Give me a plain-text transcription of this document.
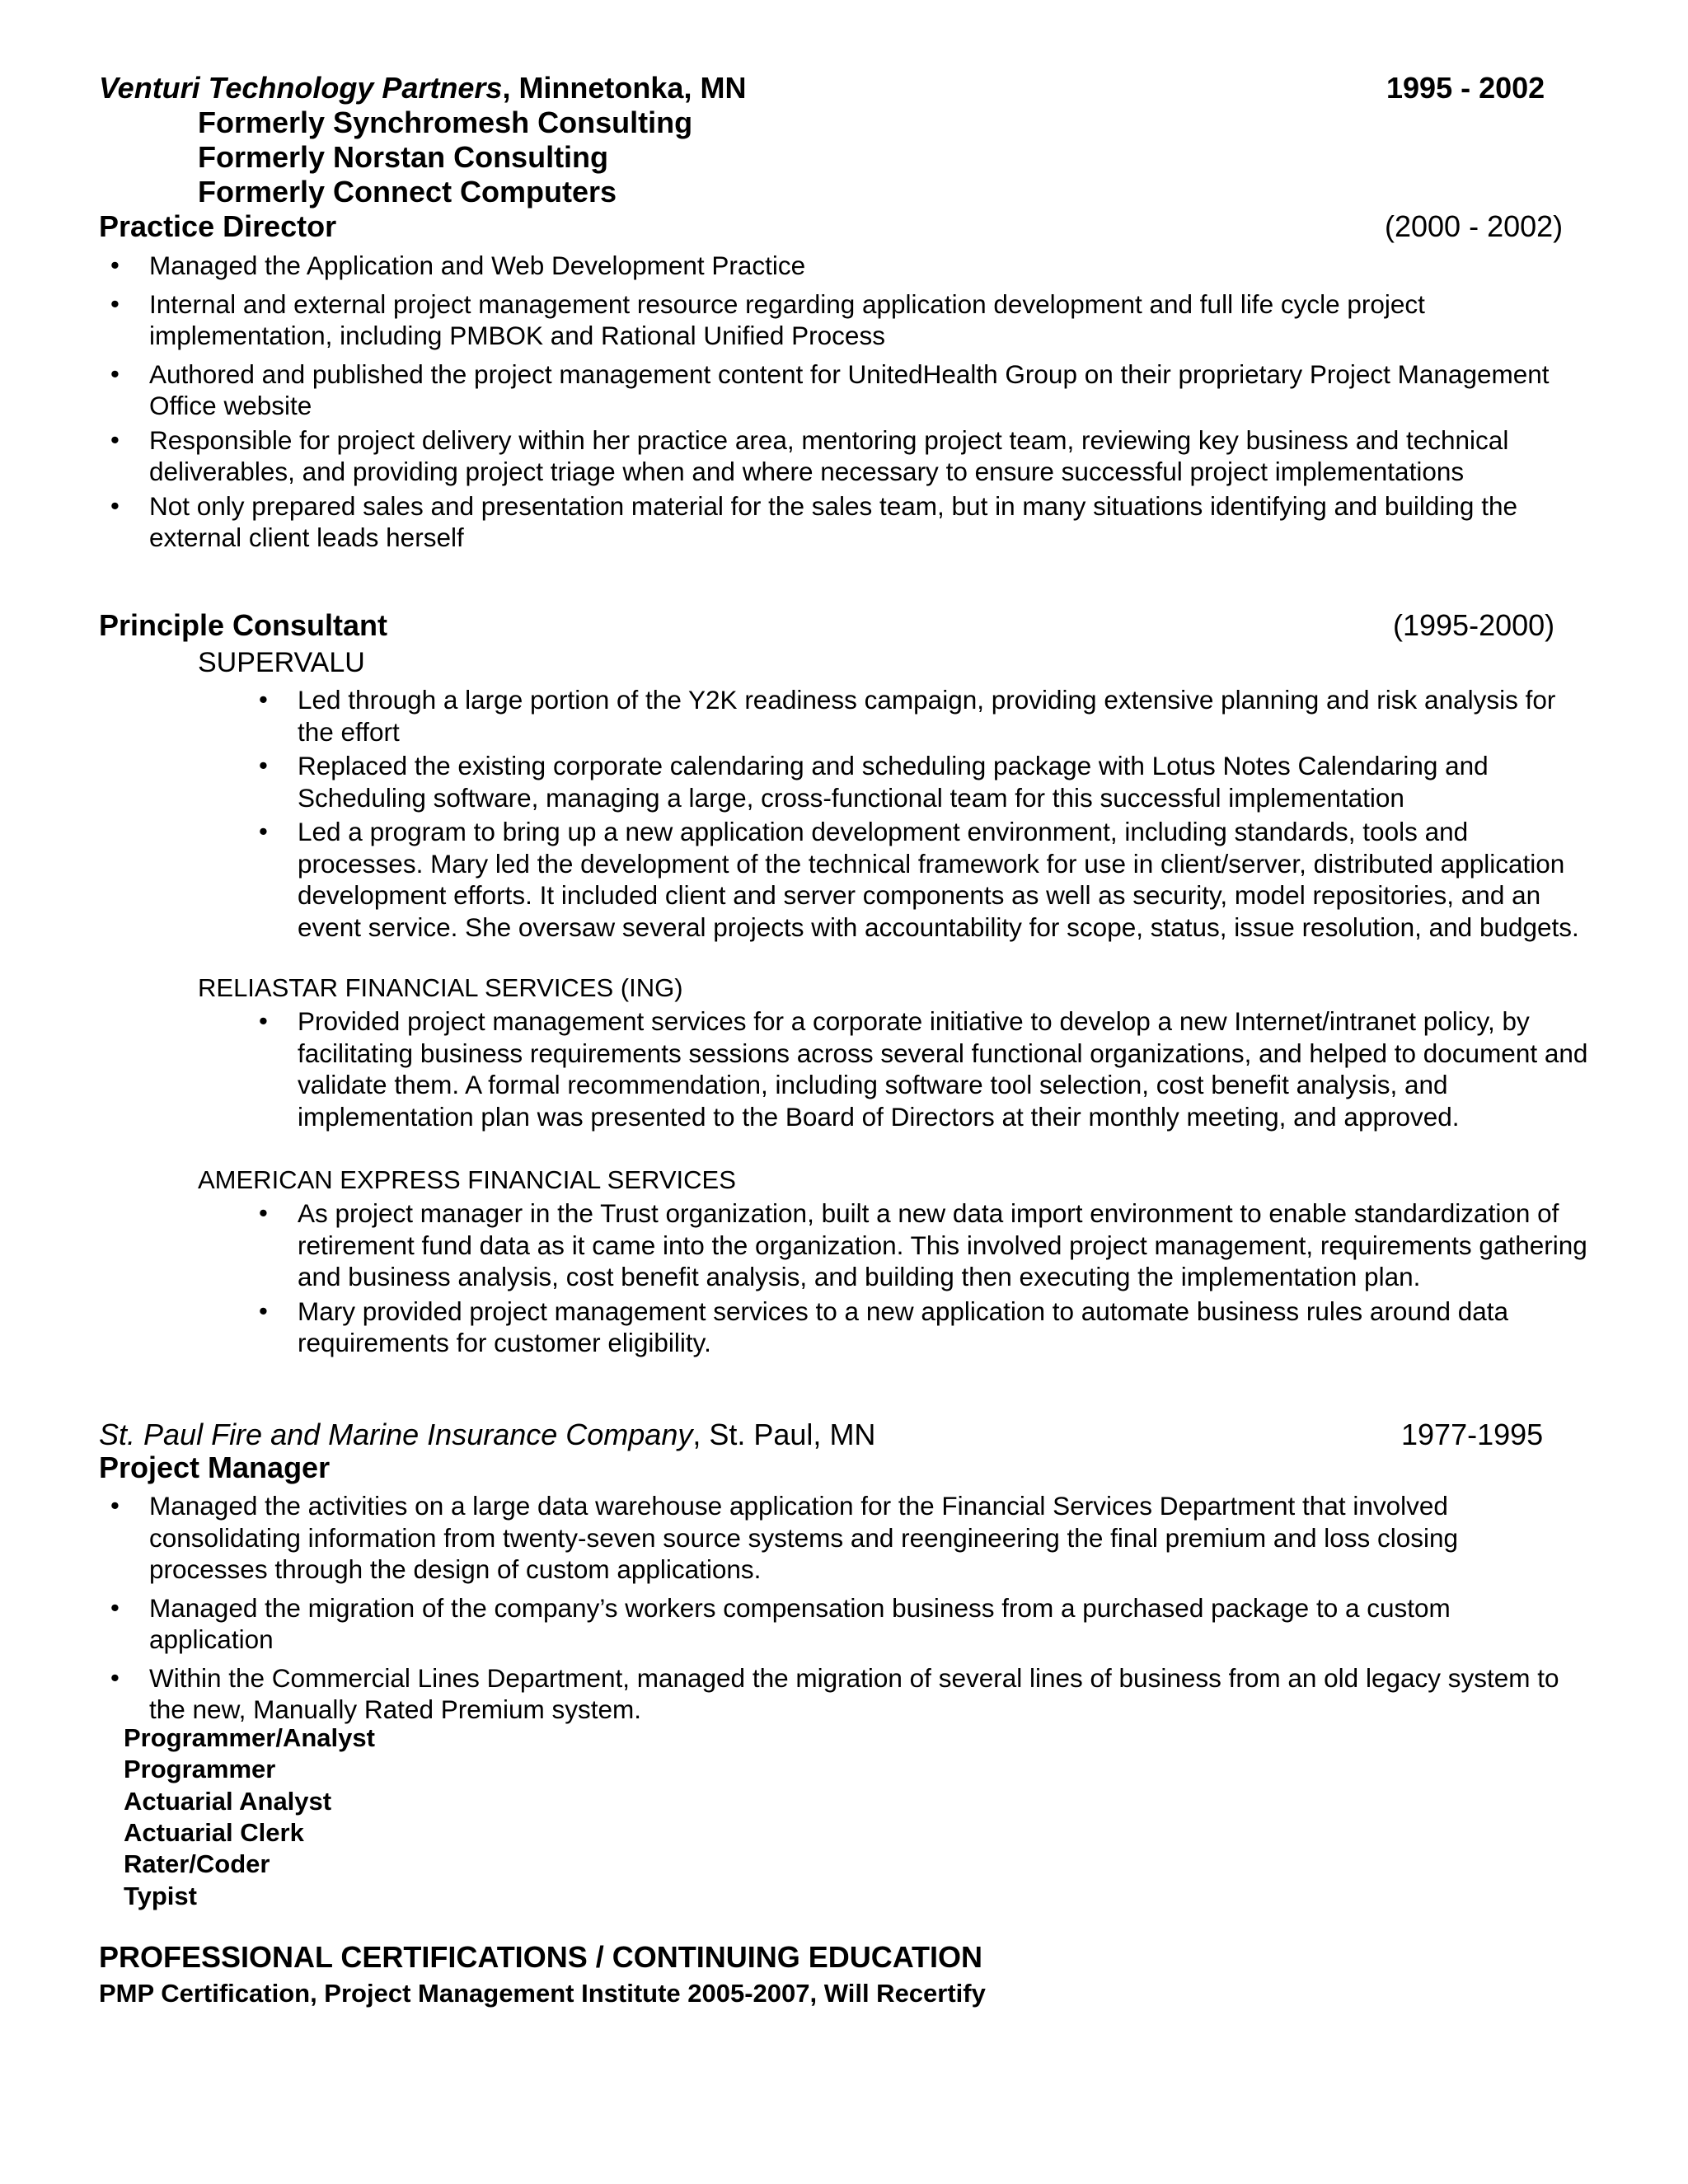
Venturi Technology Partners, Minnetonka, MN	1995 - 2002
Formerly Synchromesh Consulting
Formerly Norstan Consulting
Formerly Connect Computers
Practice Director	(2000 - 2002)
• Managed the Application and Web Development Practice
• Internal and external project management resource regarding application development and full life cycle project implementation, including PMBOK and Rational Unified Process
• Authored and published the project management content for UnitedHealth Group on their proprietary Project Management Office website
• Responsible for project delivery within her practice area, mentoring project team, reviewing key business and technical deliverables, and providing project triage when and where necessary to ensure successful project implementations
• Not only prepared sales and presentation material for the sales team, but in many situations identifying and building the external client leads herself
Principle Consultant	(1995-2000)
SUPERVALU
• Led through a large portion of the Y2K readiness campaign, providing extensive planning and risk analysis for the effort
• Replaced the existing corporate calendaring and scheduling package with Lotus Notes Calendaring and Scheduling software, managing a large, cross-functional team for this successful implementation
• Led a program to bring up a new application development environment, including standards, tools and processes. Mary led the development of the technical framework for use in client/server, distributed application development efforts. It included client and server components as well as security, model repositories, and an event service. She oversaw several projects with accountability for scope, status, issue resolution, and budgets.
RELIASTAR FINANCIAL SERVICES (ING)
• Provided project management services for a corporate initiative to develop a new Internet/intranet policy, by facilitating business requirements sessions across several functional organizations, and helped to document and validate them. A formal recommendation, including software tool selection, cost benefit analysis, and implementation plan was presented to the Board of Directors at their monthly meeting, and approved.
AMERICAN EXPRESS FINANCIAL SERVICES
• As project manager in the Trust organization, built a new data import environment to enable standardization of retirement fund data as it came into the organization. This involved project management, requirements gathering and business analysis, cost benefit analysis, and building then executing the implementation plan.
• Mary provided project management services to a new application to automate business rules around data requirements for customer eligibility.
St. Paul Fire and Marine Insurance Company, St. Paul, MN	1977-1995
Project Manager
• Managed the activities on a large data warehouse application for the Financial Services Department that involved consolidating information from twenty-seven source systems and reengineering the final premium and loss closing processes through the design of custom applications.
• Managed the migration of the company’s workers compensation business from a purchased package to a custom application
• Within the Commercial Lines Department, managed the migration of several lines of business from an old legacy system to the new, Manually Rated Premium system.
Programmer/Analyst
Programmer
Actuarial Analyst
Actuarial Clerk
Rater/Coder
Typist
PROFESSIONAL CERTIFICATIONS / CONTINUING EDUCATION
PMP Certification, Project Management Institute 2005-2007, Will Recertify
